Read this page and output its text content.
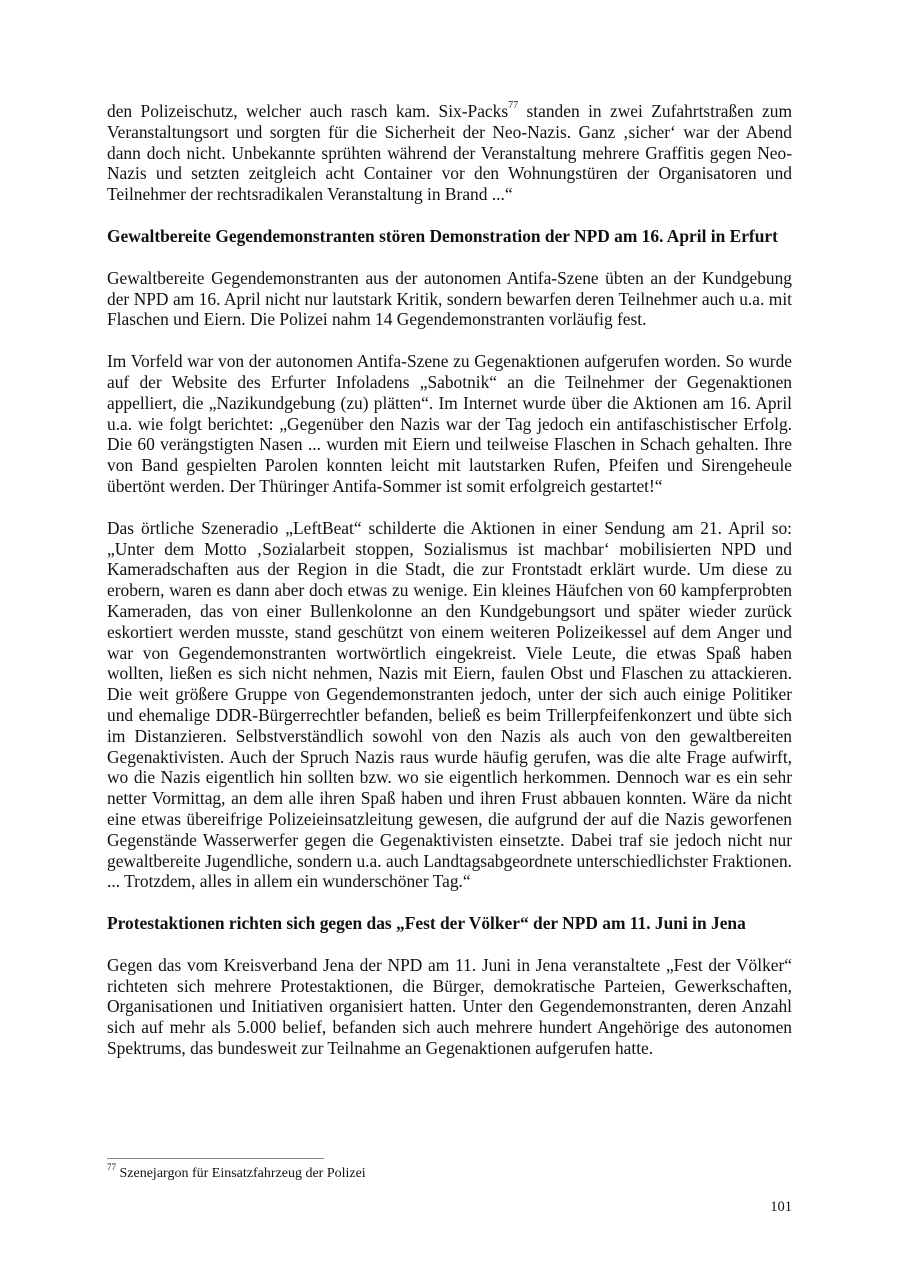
den Polizeischutz, welcher auch rasch kam. Six-Packs$^{77}$ standen in zwei Zufahrtstraßen zum Veranstaltungsort und sorgten für die Sicherheit der Neo-Nazis. Ganz ‚sicher‘ war der Abend dann doch nicht. Unbekannte sprühten während der Veranstaltung mehrere Graffitis gegen Neo-Nazis und setzten zeitgleich acht Container vor den Wohnungstüren der Organisatoren und Teilnehmer der rechtsradikalen Veranstaltung in Brand ...“

Gewaltbereite Gegendemonstranten stören Demonstration der NPD am 16. April in Erfurt

Gewaltbereite Gegendemonstranten aus der autonomen Antifa-Szene übten an der Kundgebung der NPD am 16. April nicht nur lautstark Kritik, sondern bewarfen deren Teilnehmer auch u.a. mit Flaschen und Eiern. Die Polizei nahm 14 Gegendemonstranten vorläufig fest.

Im Vorfeld war von der autonomen Antifa-Szene zu Gegenaktionen aufgerufen worden. So wurde auf der Website des Erfurter Infoladens „Sabotnik“ an die Teilnehmer der Gegenaktionen appelliert, die „Nazikundgebung (zu) plätten“. Im Internet wurde über die Aktionen am 16. April u.a. wie folgt berichtet: „Gegenüber den Nazis war der Tag jedoch ein antifaschistischer Erfolg. Die 60 verängstigten Nasen ... wurden mit Eiern und teilweise Flaschen in Schach gehalten. Ihre von Band gespielten Parolen konnten leicht mit lautstarken Rufen, Pfeifen und Sirengeheule übertönt werden. Der Thüringer Antifa-Sommer ist somit erfolgreich gestartet!“

Das örtliche Szeneradio „LeftBeat“ schilderte die Aktionen in einer Sendung am 21. April so: „Unter dem Motto ‚Sozialarbeit stoppen, Sozialismus ist machbar‘ mobilisierten NPD und Kameradschaften aus der Region in die Stadt, die zur Frontstadt erklärt wurde. Um diese zu erobern, waren es dann aber doch etwas zu wenige. Ein kleines Häufchen von 60 kampferprobten Kameraden, das von einer Bullenkolonne an den Kundgebungsort und später wieder zurück eskortiert werden musste, stand geschützt von einem weiteren Polizeikessel auf dem Anger und war von Gegendemonstranten wortwörtlich eingekreist. Viele Leute, die etwas Spaß haben wollten, ließen es sich nicht nehmen, Nazis mit Eiern, faulen Obst und Flaschen zu attackieren. Die weit größere Gruppe von Gegendemonstranten jedoch, unter der sich auch einige Politiker und ehemalige DDR-Bürgerrechtler befanden, beließ es beim Trillerpfeifenkonzert und übte sich im Distanzieren. Selbstverständlich sowohl von den Nazis als auch von den gewaltbereiten Gegenaktivisten. Auch der Spruch Nazis raus wurde häufig gerufen, was die alte Frage aufwirft, wo die Nazis eigentlich hin sollten bzw. wo sie eigentlich herkommen. Dennoch war es ein sehr netter Vormittag, an dem alle ihren Spaß haben und ihren Frust abbauen konnten. Wäre da nicht eine etwas übereifrige Polizeieinsatzleitung gewesen, die aufgrund der auf die Nazis geworfenen Gegenstände Wasserwerfer gegen die Gegenaktivisten einsetzte. Dabei traf sie jedoch nicht nur gewaltbereite Jugendliche, sondern u.a. auch Landtagsabgeordnete unterschiedlichster Fraktionen. ... Trotzdem, alles in allem ein wunderschöner Tag.“

Protestaktionen richten sich gegen das „Fest der Völker“ der NPD am 11. Juni in Jena

Gegen das vom Kreisverband Jena der NPD am 11. Juni in Jena veranstaltete „Fest der Völker“ richteten sich mehrere Protestaktionen, die Bürger, demokratische Parteien, Gewerkschaften, Organisationen und Initiativen organisiert hatten. Unter den Gegendemonstranten, deren Anzahl sich auf mehr als 5.000 belief, befanden sich auch mehrere hundert Angehörige des autonomen Spektrums, das bundesweit zur Teilnahme an Gegenaktionen aufgerufen hatte.

$^{77}$ Szenejargon für Einsatzfahrzeug der Polizei
101
